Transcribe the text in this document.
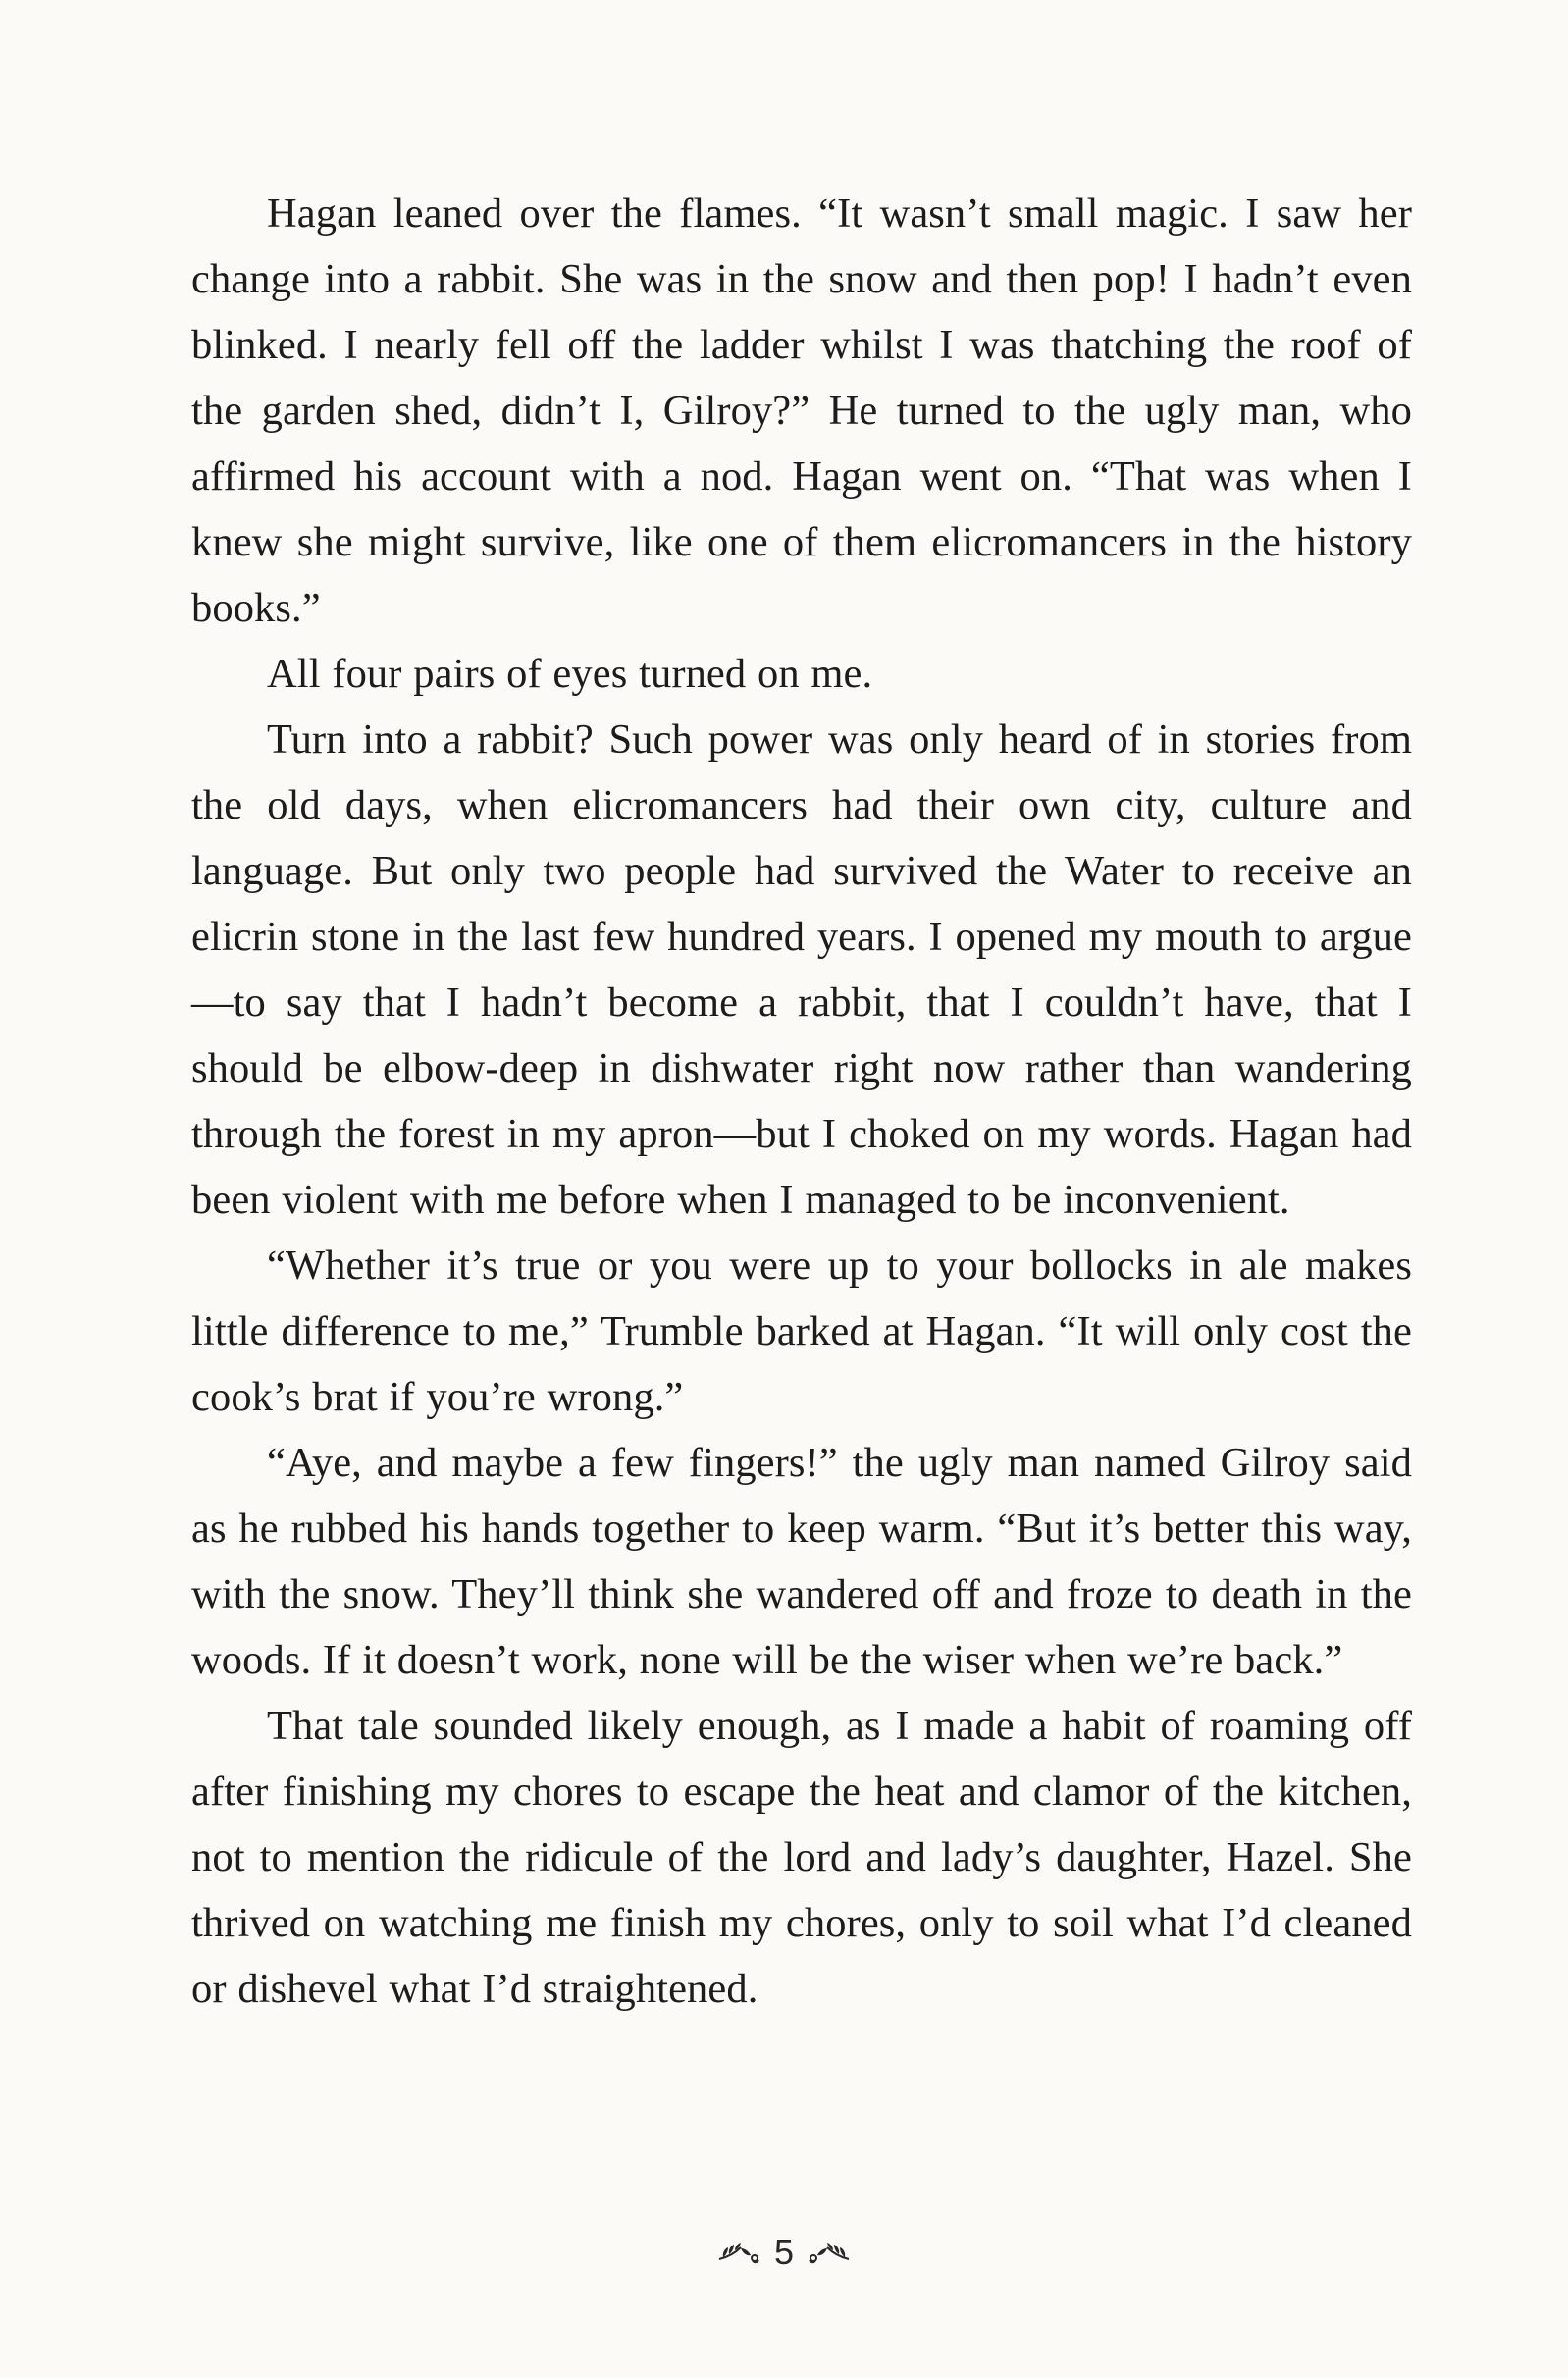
Hagan leaned over the flames. “It wasn’t small magic. I saw her change into a rabbit. She was in the snow and then pop! I hadn’t even blinked. I nearly fell off the ladder whilst I was thatching the roof of the garden shed, didn’t I, Gilroy?” He turned to the ugly man, who affirmed his account with a nod. Hagan went on. “That was when I knew she might survive, like one of them elicromancers in the history books.”

All four pairs of eyes turned on me.

Turn into a rabbit? Such power was only heard of in stories from the old days, when elicromancers had their own city, culture and language. But only two people had survived the Water to receive an elicrin stone in the last few hundred years. I opened my mouth to argue—to say that I hadn’t become a rabbit, that I couldn’t have, that I should be elbow-deep in dishwater right now rather than wandering through the forest in my apron—but I choked on my words. Hagan had been violent with me before when I managed to be inconvenient.

“Whether it’s true or you were up to your bollocks in ale makes little difference to me,” Trumble barked at Hagan. “It will only cost the cook’s brat if you’re wrong.”

“Aye, and maybe a few fingers!” the ugly man named Gilroy said as he rubbed his hands together to keep warm. “But it’s better this way, with the snow. They’ll think she wandered off and froze to death in the woods. If it doesn’t work, none will be the wiser when we’re back.”

That tale sounded likely enough, as I made a habit of roaming off after finishing my chores to escape the heat and clamor of the kitchen, not to mention the ridicule of the lord and lady’s daughter, Hazel. She thrived on watching me finish my chores, only to soil what I’d cleaned or dishevel what I’d straightened.

5
